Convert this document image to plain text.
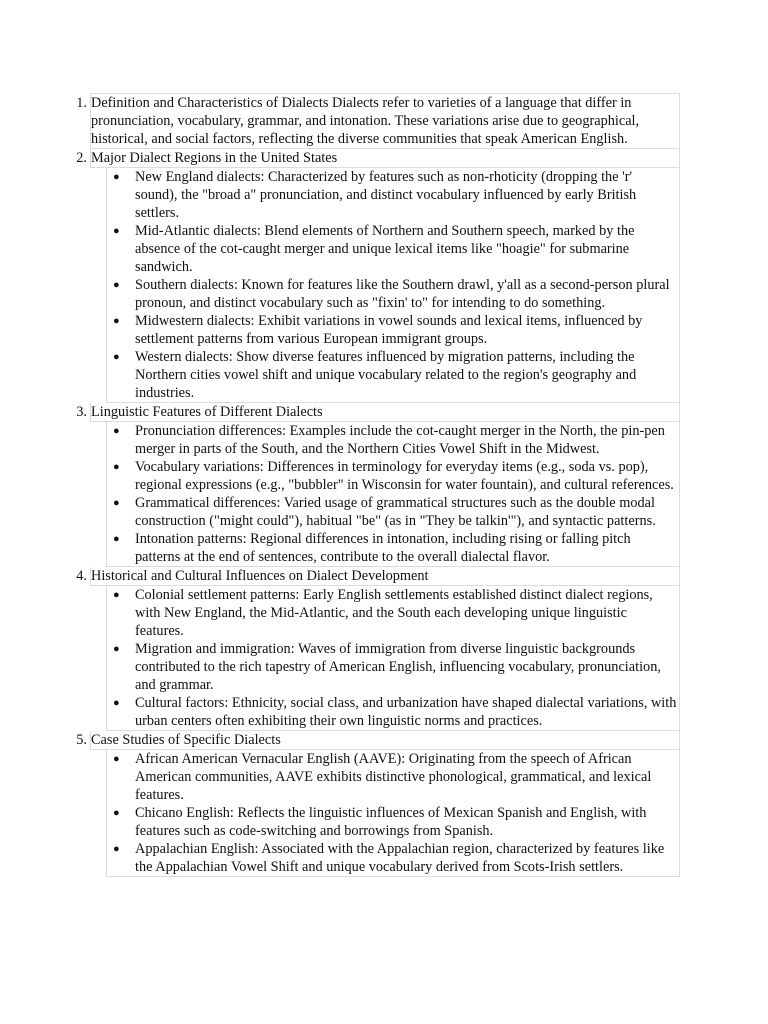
1. Definition and Characteristics of Dialects Dialects refer to varieties of a language that differ in pronunciation, vocabulary, grammar, and intonation. These variations arise due to geographical, historical, and social factors, reflecting the diverse communities that speak American English.
2. Major Dialect Regions in the United States
● New England dialects: Characterized by features such as non-rhoticity (dropping the 'r' sound), the "broad a" pronunciation, and distinct vocabulary influenced by early British settlers.
● Mid-Atlantic dialects: Blend elements of Northern and Southern speech, marked by the absence of the cot-caught merger and unique lexical items like "hoagie" for submarine sandwich.
● Southern dialects: Known for features like the Southern drawl, y'all as a second-person plural pronoun, and distinct vocabulary such as "fixin' to" for intending to do something.
● Midwestern dialects: Exhibit variations in vowel sounds and lexical items, influenced by settlement patterns from various European immigrant groups.
● Western dialects: Show diverse features influenced by migration patterns, including the Northern cities vowel shift and unique vocabulary related to the region's geography and industries.
3. Linguistic Features of Different Dialects
● Pronunciation differences: Examples include the cot-caught merger in the North, the pin-pen merger in parts of the South, and the Northern Cities Vowel Shift in the Midwest.
● Vocabulary variations: Differences in terminology for everyday items (e.g., soda vs. pop), regional expressions (e.g., "bubbler" in Wisconsin for water fountain), and cultural references.
● Grammatical differences: Varied usage of grammatical structures such as the double modal construction ("might could"), habitual "be" (as in "They be talkin'"), and syntactic patterns.
● Intonation patterns: Regional differences in intonation, including rising or falling pitch patterns at the end of sentences, contribute to the overall dialectal flavor.
4. Historical and Cultural Influences on Dialect Development
● Colonial settlement patterns: Early English settlements established distinct dialect regions, with New England, the Mid-Atlantic, and the South each developing unique linguistic features.
● Migration and immigration: Waves of immigration from diverse linguistic backgrounds contributed to the rich tapestry of American English, influencing vocabulary, pronunciation, and grammar.
● Cultural factors: Ethnicity, social class, and urbanization have shaped dialectal variations, with urban centers often exhibiting their own linguistic norms and practices.
5. Case Studies of Specific Dialects
● African American Vernacular English (AAVE): Originating from the speech of African American communities, AAVE exhibits distinctive phonological, grammatical, and lexical features.
● Chicano English: Reflects the linguistic influences of Mexican Spanish and English, with features such as code-switching and borrowings from Spanish.
● Appalachian English: Associated with the Appalachian region, characterized by features like the Appalachian Vowel Shift and unique vocabulary derived from Scots-Irish settlers.
